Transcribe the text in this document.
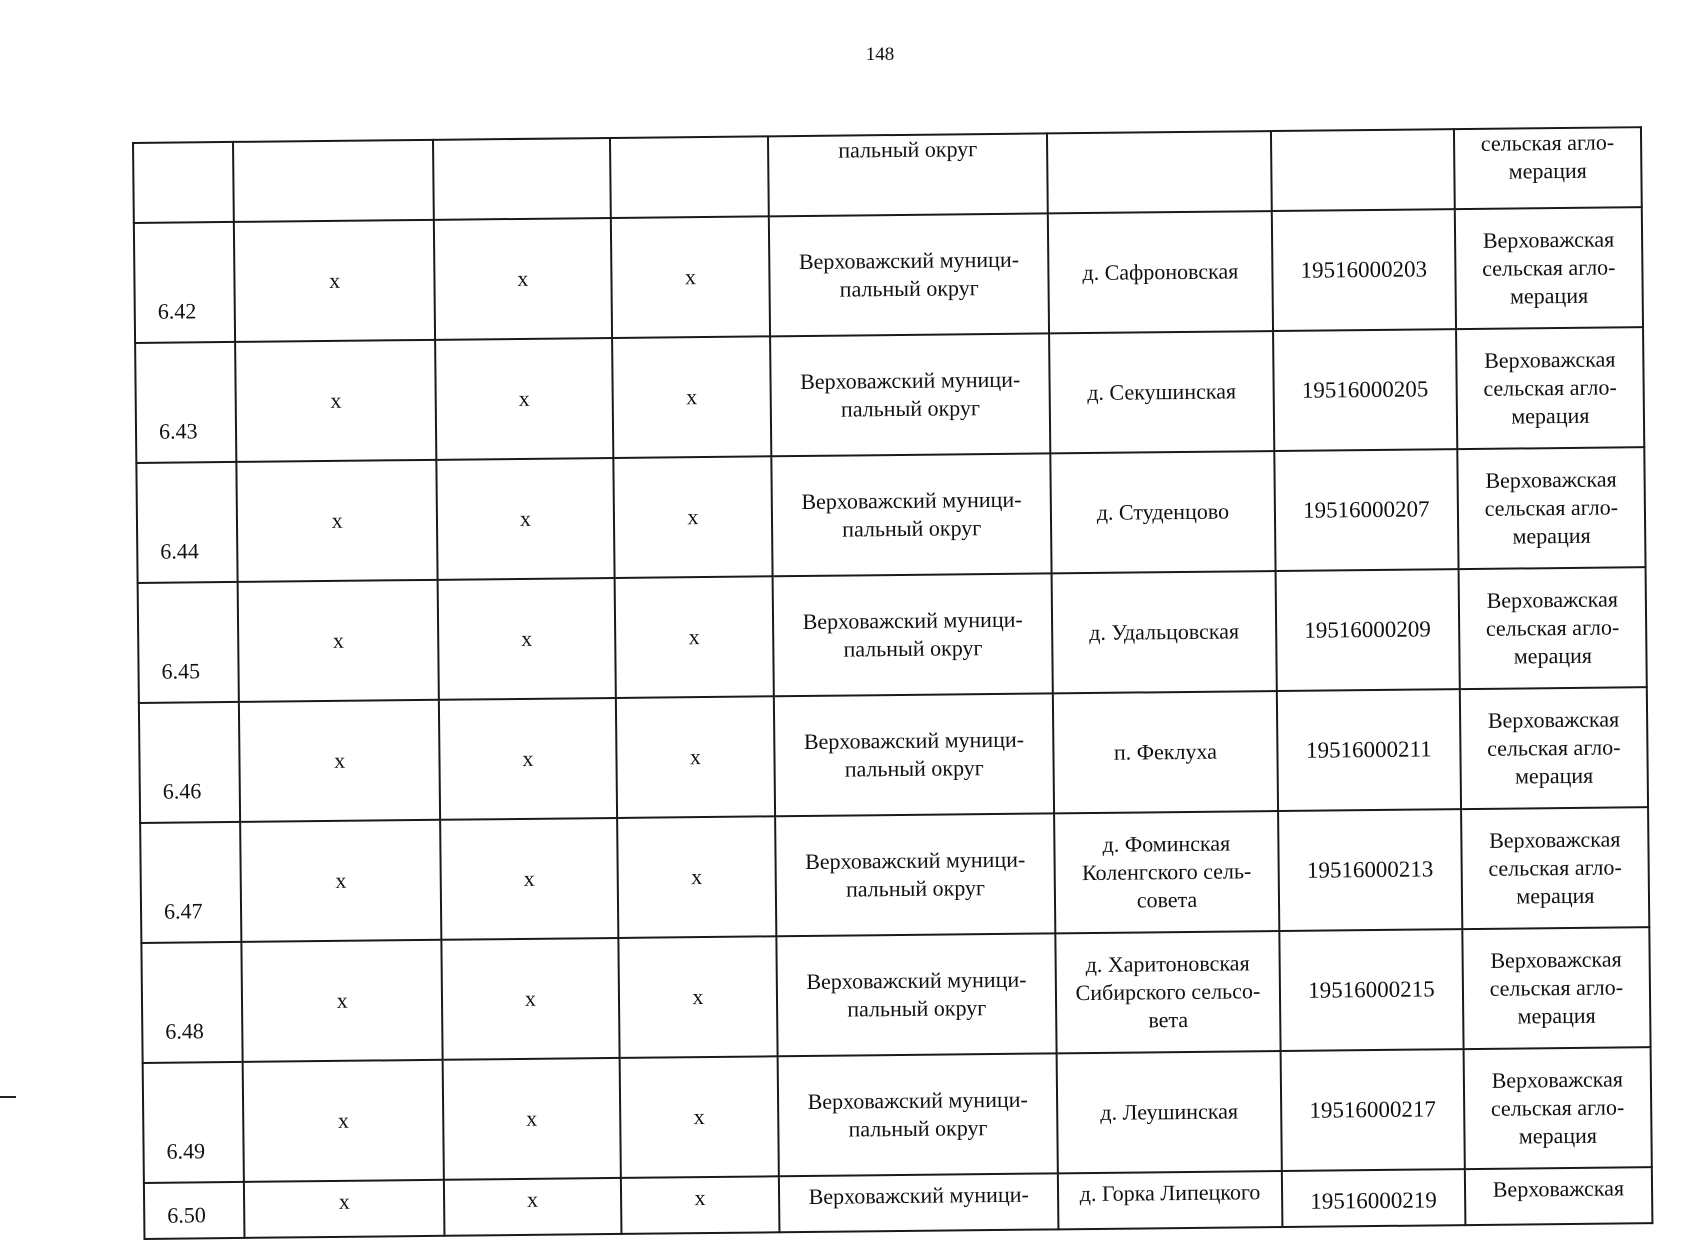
148
				пальный округ			сельская агло-
мерация
6.42	x	x	x	Верховажский муници-
пальный округ	д. Сафроновская	19516000203	Верховажская
сельская агло-
мерация
6.43	x	x	x	Верховажский муници-
пальный округ	д. Секушинская	19516000205	Верховажская
сельская агло-
мерация
6.44	x	x	x	Верховажский муници-
пальный округ	д. Студенцово	19516000207	Верховажская
сельская агло-
мерация
6.45	x	x	x	Верховажский муници-
пальный округ	д. Удальцовская	19516000209	Верховажская
сельская агло-
мерация
6.46	x	x	x	Верховажский муници-
пальный округ	п. Феклуха	19516000211	Верховажская
сельская агло-
мерация
6.47	x	x	x	Верховажский муници-
пальный округ	д. Фоминская
Коленгского сель-
совета	19516000213	Верховажская
сельская агло-
мерация
6.48	x	x	x	Верховажский муници-
пальный округ	д. Харитоновская
Сибирского сельсо-
вета	19516000215	Верховажская
сельская агло-
мерация
6.49	x	x	x	Верховажский муници-
пальный округ	д. Леушинская	19516000217	Верховажская
сельская агло-
мерация
6.50	x	x	x	Верховажский муници-	д. Горка Липецкого	19516000219	Верховажская
